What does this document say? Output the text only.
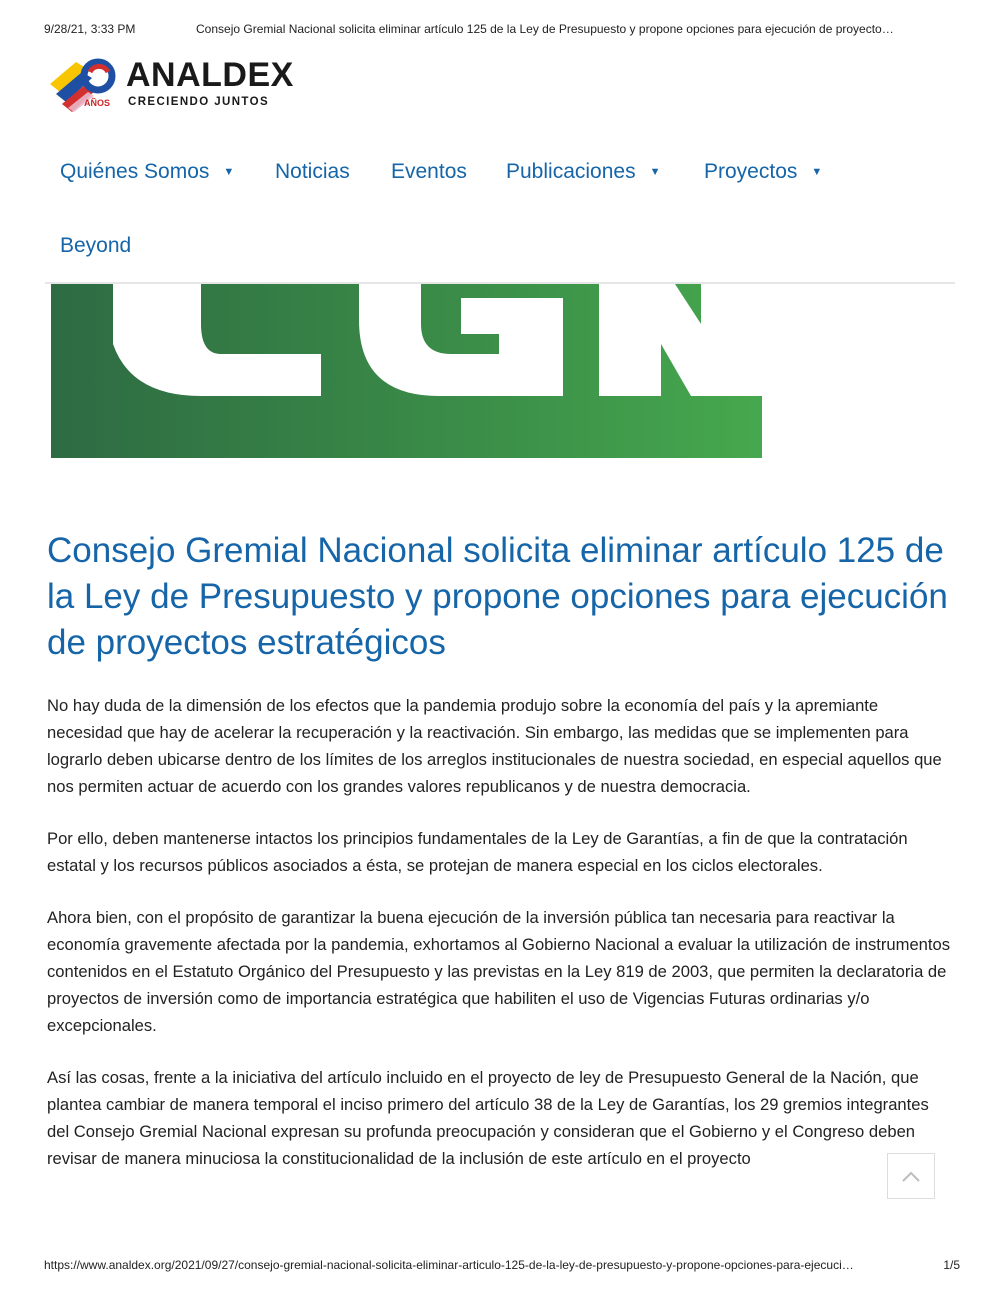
9/28/21, 3:33 PM	Consejo Gremial Nacional solicita eliminar artículo 125 de la Ley de Presupuesto y propone opciones para ejecución de proyecto…
ANALDEX
AÑOS CRECIENDO JUNTOS
Quiénes Somos ▼ Noticias Eventos Publicaciones ▼ Proyectos ▼
Beyond
Consejo Gremial Nacional solicita eliminar artículo 125 de la Ley de Presupuesto y propone opciones para ejecución de proyectos estratégicos

No hay duda de la dimensión de los efectos que la pandemia produjo sobre la economía del país y la apremiante necesidad que hay de acelerar la recuperación y la reactivación. Sin embargo, las medidas que se implementen para lograrlo deben ubicarse dentro de los límites de los arreglos institucionales de nuestra sociedad, en especial aquellos que nos permiten actuar de acuerdo con los grandes valores republicanos y de nuestra democracia.

Por ello, deben mantenerse intactos los principios fundamentales de la Ley de Garantías, a fin de que la contratación estatal y los recursos públicos asociados a ésta, se protejan de manera especial en los ciclos electorales.

Ahora bien, con el propósito de garantizar la buena ejecución de la inversión pública tan necesaria para reactivar la economía gravemente afectada por la pandemia, exhortamos al Gobierno Nacional a evaluar la utilización de instrumentos contenidos en el Estatuto Orgánico del Presupuesto y las previstas en la Ley 819 de 2003, que permiten la declaratoria de proyectos de inversión como de importancia estratégica que habiliten el uso de Vigencias Futuras ordinarias y/o excepcionales.

Así las cosas, frente a la iniciativa del artículo incluido en el proyecto de ley de Presupuesto General de la Nación, que plantea cambiar de manera temporal el inciso primero del artículo 38 de la Ley de Garantías, los 29 gremios integrantes del Consejo Gremial Nacional expresan su profunda preocupación y consideran que el Gobierno y el Congreso deben revisar de manera minuciosa la constitucionalidad de la inclusión de este artículo en el proyecto

https://www.analdex.org/2021/09/27/consejo-gremial-nacional-solicita-eliminar-articulo-125-de-la-ley-de-presupuesto-y-propone-opciones-para-ejecuci…	1/5
